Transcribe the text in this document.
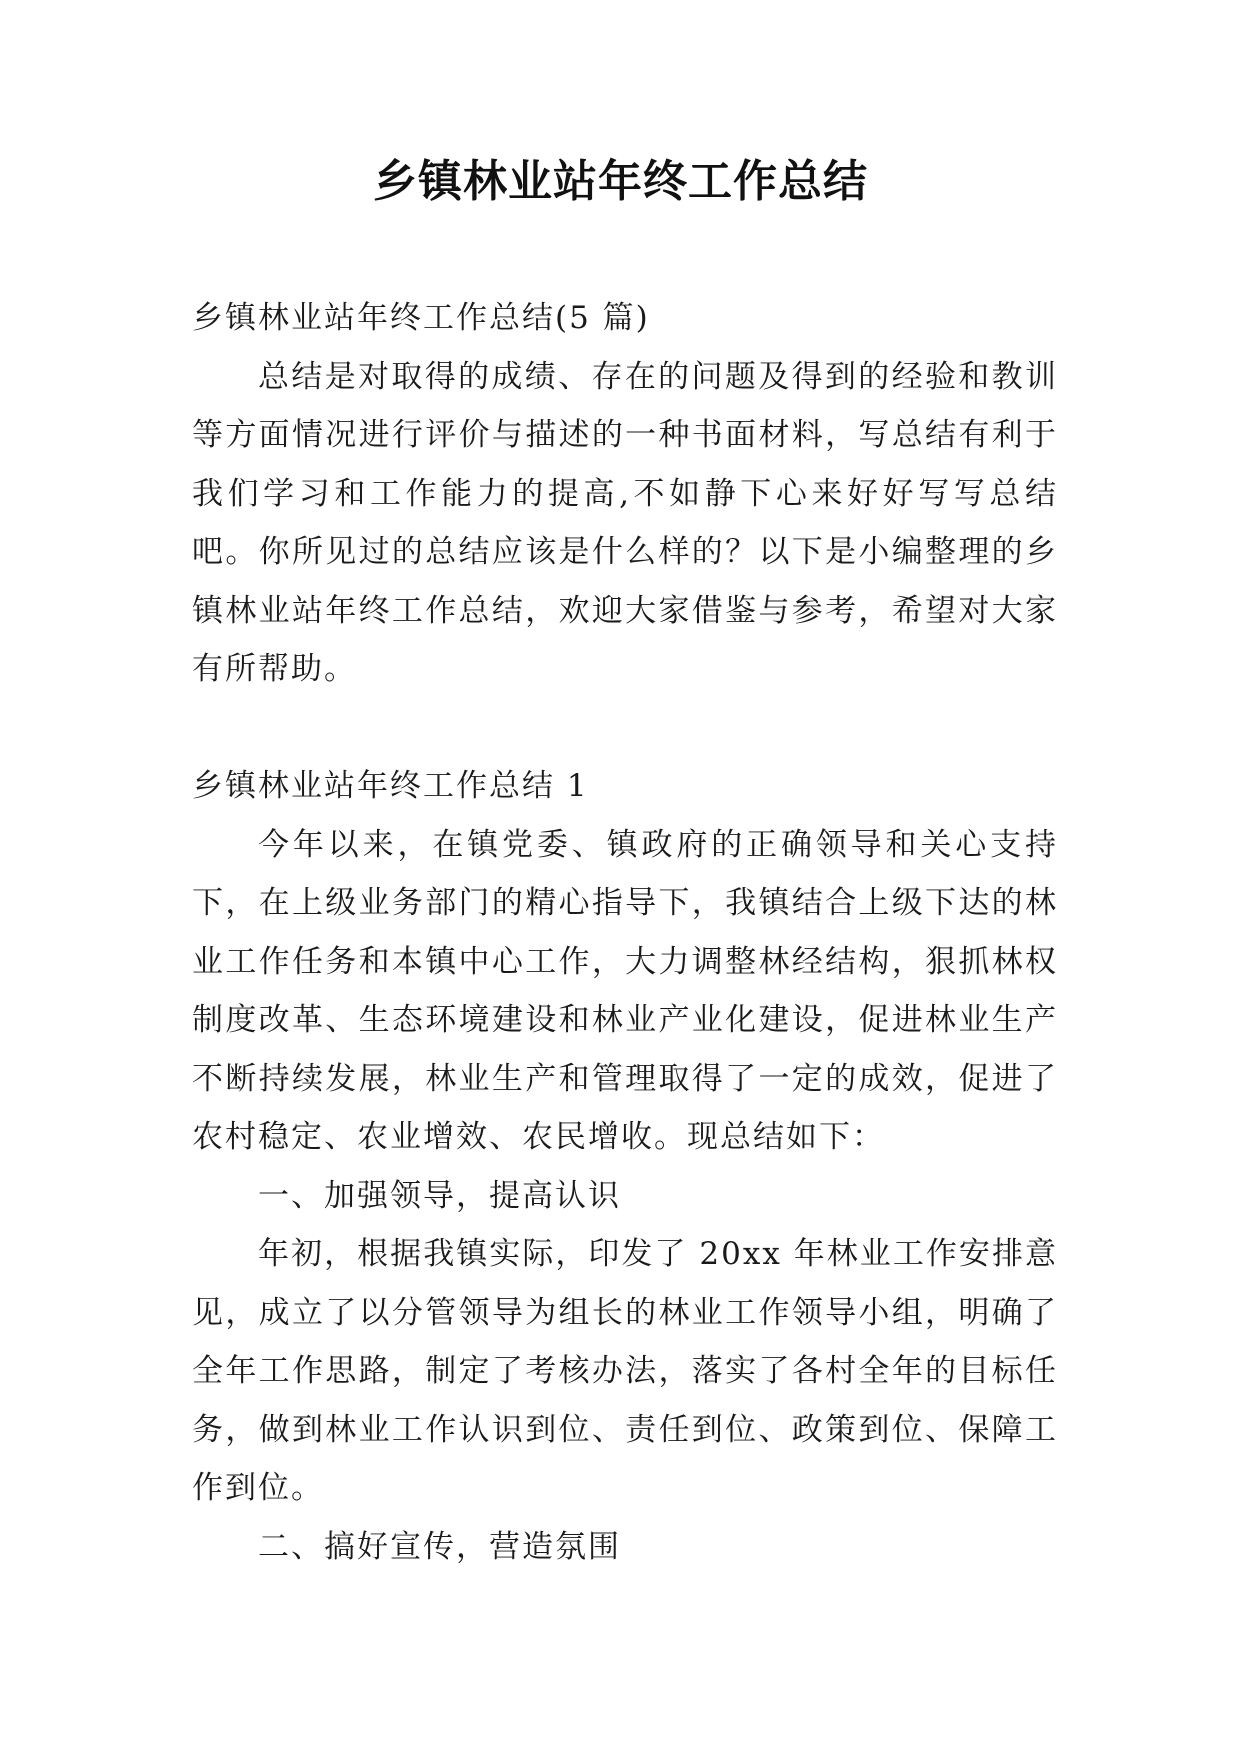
乡镇林业站年终工作总结

乡镇林业站年终工作总结(5 篇)

总结是对取得的成绩、存在的问题及得到的经验和教训等方面情况进行评价与描述的一种书面材料，写总结有利于我们学习和工作能力的提高,不如静下心来好好写写总结吧。你所见过的总结应该是什么样的？以下是小编整理的乡镇林业站年终工作总结，欢迎大家借鉴与参考，希望对大家有所帮助。

乡镇林业站年终工作总结 1

今年以来，在镇党委、镇政府的正确领导和关心支持下，在上级业务部门的精心指导下，我镇结合上级下达的林业工作任务和本镇中心工作，大力调整林经结构，狠抓林权制度改革、生态环境建设和林业产业化建设，促进林业生产不断持续发展，林业生产和管理取得了一定的成效，促进了农村稳定、农业增效、农民增收。现总结如下：

一、加强领导，提高认识

年初，根据我镇实际，印发了 20xx 年林业工作安排意见，成立了以分管领导为组长的林业工作领导小组，明确了全年工作思路，制定了考核办法，落实了各村全年的目标任务，做到林业工作认识到位、责任到位、政策到位、保障工作到位。

二、搞好宣传，营造氛围
